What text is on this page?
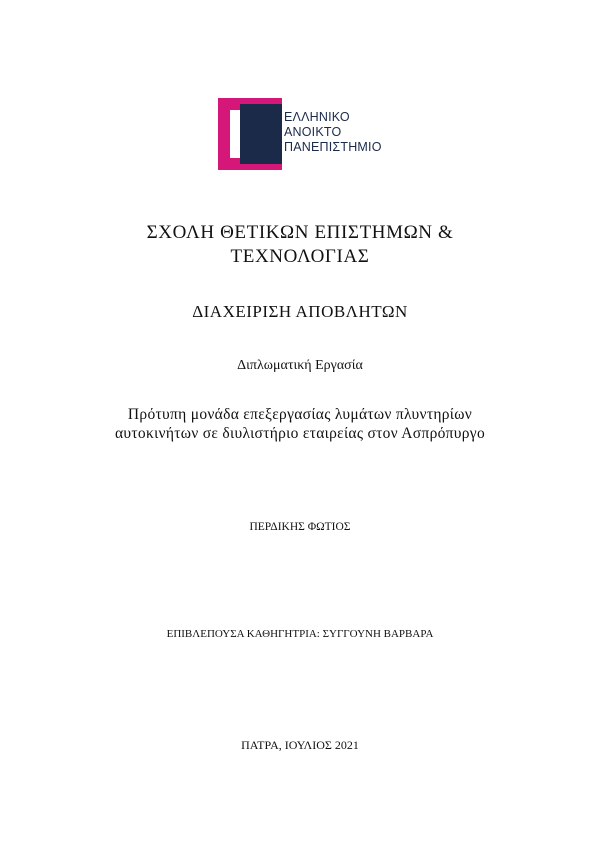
ΕΛΛΗΝΙΚΟ
ΑΝΟΙΚΤΟ
ΠΑΝΕΠΙΣΤΗΜΙΟ
ΣΧΟΛΗ ΘΕΤΙΚΩΝ ΕΠΙΣΤΗΜΩΝ &
ΤΕΧΝΟΛΟΓΙΑΣ
ΔΙΑΧΕΙΡΙΣΗ ΑΠΟΒΛΗΤΩΝ
Διπλωματική Εργασία
Πρότυπη μονάδα επεξεργασίας λυμάτων πλυντηρίων
αυτοκινήτων σε διυλιστήριο εταιρείας στον Ασπρόπυργο
ΠΕΡΔΙΚΗΣ ΦΩΤΙΟΣ
ΕΠΙΒΛΕΠΟΥΣΑ ΚΑΘΗΓΗΤΡΙΑ: ΣΥΓΓΟΥΝΗ ΒΑΡΒΑΡΑ
ΠΑΤΡΑ, ΙΟΥΛΙΟΣ 2021
